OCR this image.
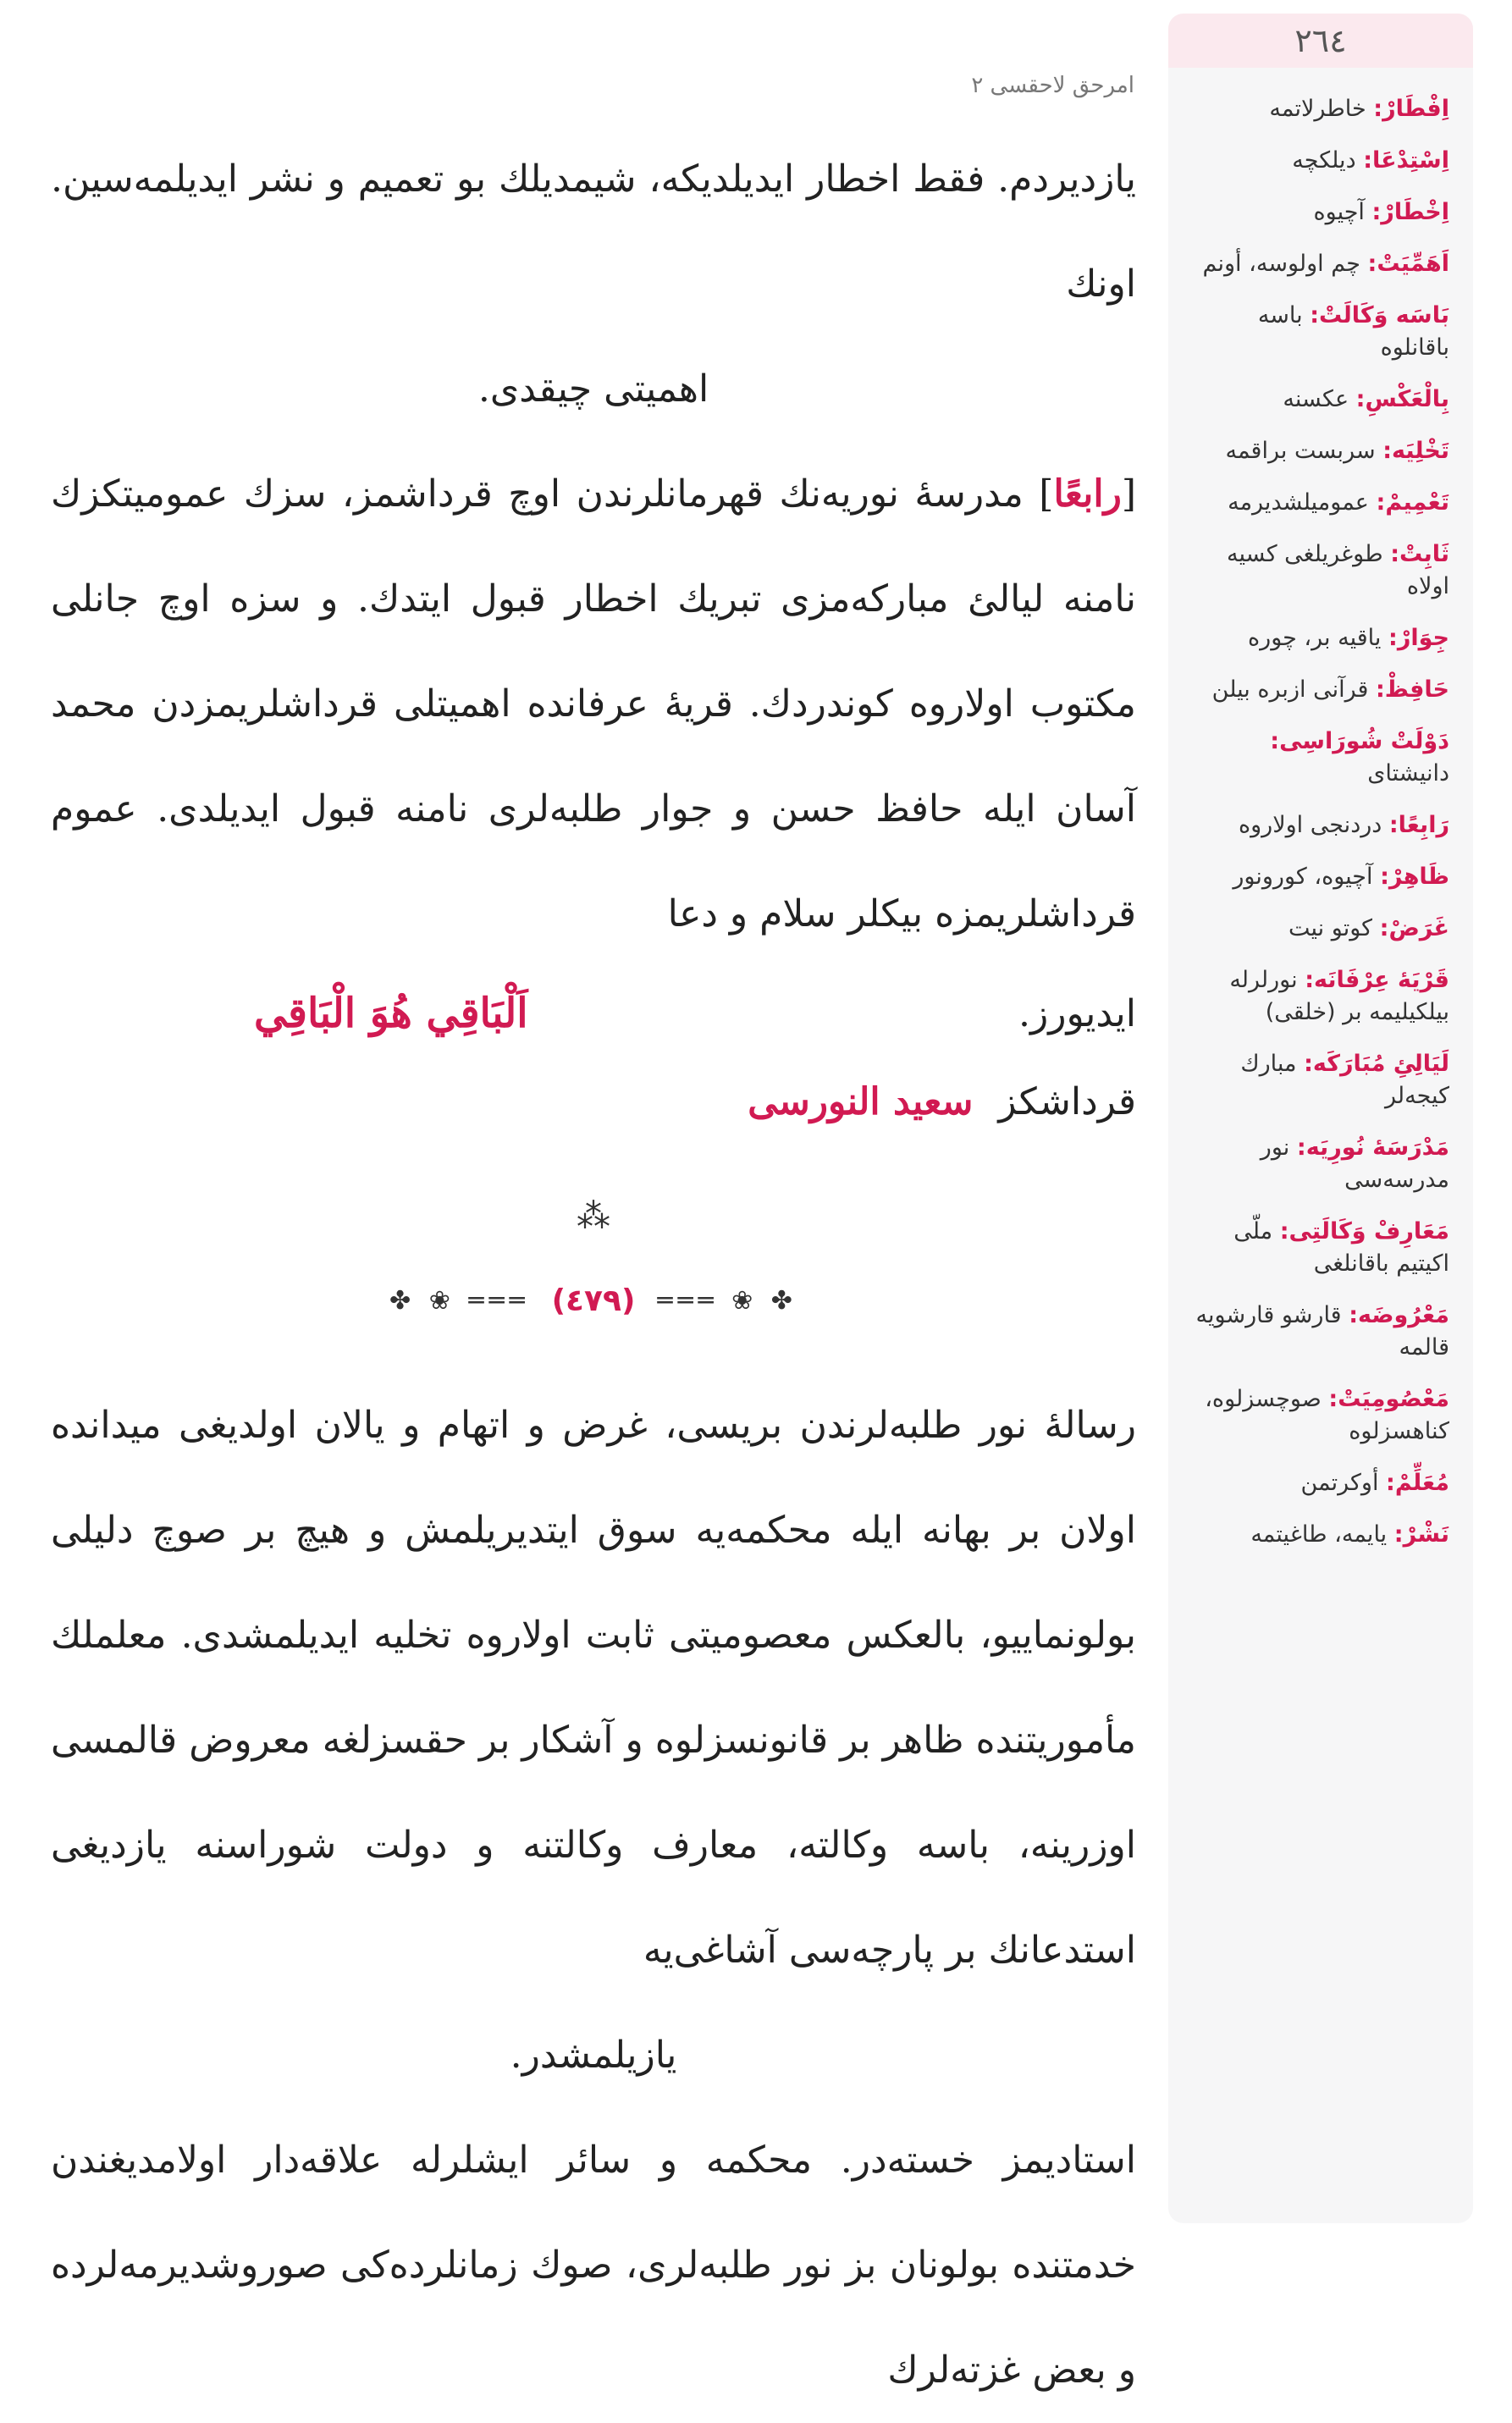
٢٦٤
اِفْطَارْ: خاطرلاتمه
اِسْتِدْعَا: ديلكچه
اِخْطَارْ: آچيوه
اَهَمِّيَتْ: چم اولوسه، أونم
بَاسَه وَكَالَتْ: باسه باقانلوه
بِالْعَكْسِ: عكسنه
تَخْلِيَه: سربست براقمه
تَعْمِيمْ: عموميلشديرمه
ثَابِتْ: طوغريلغی كسيه اولاه
جِوَارْ: ياقيه بر، چوره
حَافِظْ: قرآنی ازبره بيلن
دَوْلَتْ شُورَاسِی: دانيشتای
رَابِعًا: دردنجی اولاروه
ظَاهِرْ: آچيوه، كورونور
غَرَضْ: كوتو نيت
قَرْيَهٔ عِرْفَانَه: نورلرله بيلكيليمه بر (خلقی)
لَيَالِئِ مُبَارَكَه: مبارك كيجه‌لر
مَدْرَسَهٔ نُورِيَه: نور مدرسه‌سی
مَعَارِفْ وَكَالَتِی: ملّی اكيتيم باقانلغی
مَعْرُوضَه: قارشو قارشويه قالمه
مَعْصُومِيَتْ: صوچسزلوه، كناهسزلوه
مُعَلِّمْ: أوكرتمن
نَشْرْ: يايمه، طاغيتمه
امرحق لاحقسی ٢

يازديردم. فقط اخطار ايديلديكه، شيمديلك بو تعميم و نشر ايديلمه‌سين. اونك

اهميتی چيقدی.

[رابعًا] مدرسۀ نوريه‌نك قهرمانلرندن اوچ قرداشمز، سزك عموميتكزك نامنه ليالئ مباركه‌مزی تبريك اخطار قبول ايتدك. و سزه اوچ جانلی مكتوب اولاروه كوندردك. قريۀ عرفانده اهميتلی قرداشلريمزدن محمد آسان ايله حافظ حسن و جوار طلبه‌لری نامنه قبول ايديلدی. عموم قرداشلريمزه بيكلر سلام و دعا

ايديورز.
اَلْبَاقِي هُوَ الْبَاقِي
قرداشكز سعيد النورسی
⁂
✤ ❀ ═══ (٤٧٩) ═══ ❀ ✤

رسالۀ نور طلبه‌لرندن بريسی، غرض و اتهام و يالان اولديغی ميدانده اولان بر بهانه ايله محكمه‌يه سوق ايتديريلمش و هيچ بر صوچ دليلی بولونماييو، بالعكس معصوميتی ثابت اولاروه تخليه ايديلمشدی. معلملك مأموريتنده ظاهر بر قانونسزلوه و آشكار بر حقسزلغه معروض قالمسی اوزرينه، باسه وكالته، معارف وكالتنه و دولت شوراسنه يازديغی استدعانك بر پارچه‌سی آشاغی‌يه

يازيلمشدر.

استاديمز خسته‌در. محكمه و سائر ايشلرله علاقه‌دار اولامديغندن خدمتنده بولونان بز نور طلبه‌لری، صوك زمانلرده‌كی صوروشديرمه‌لرده و بعض غزته‌لرك
